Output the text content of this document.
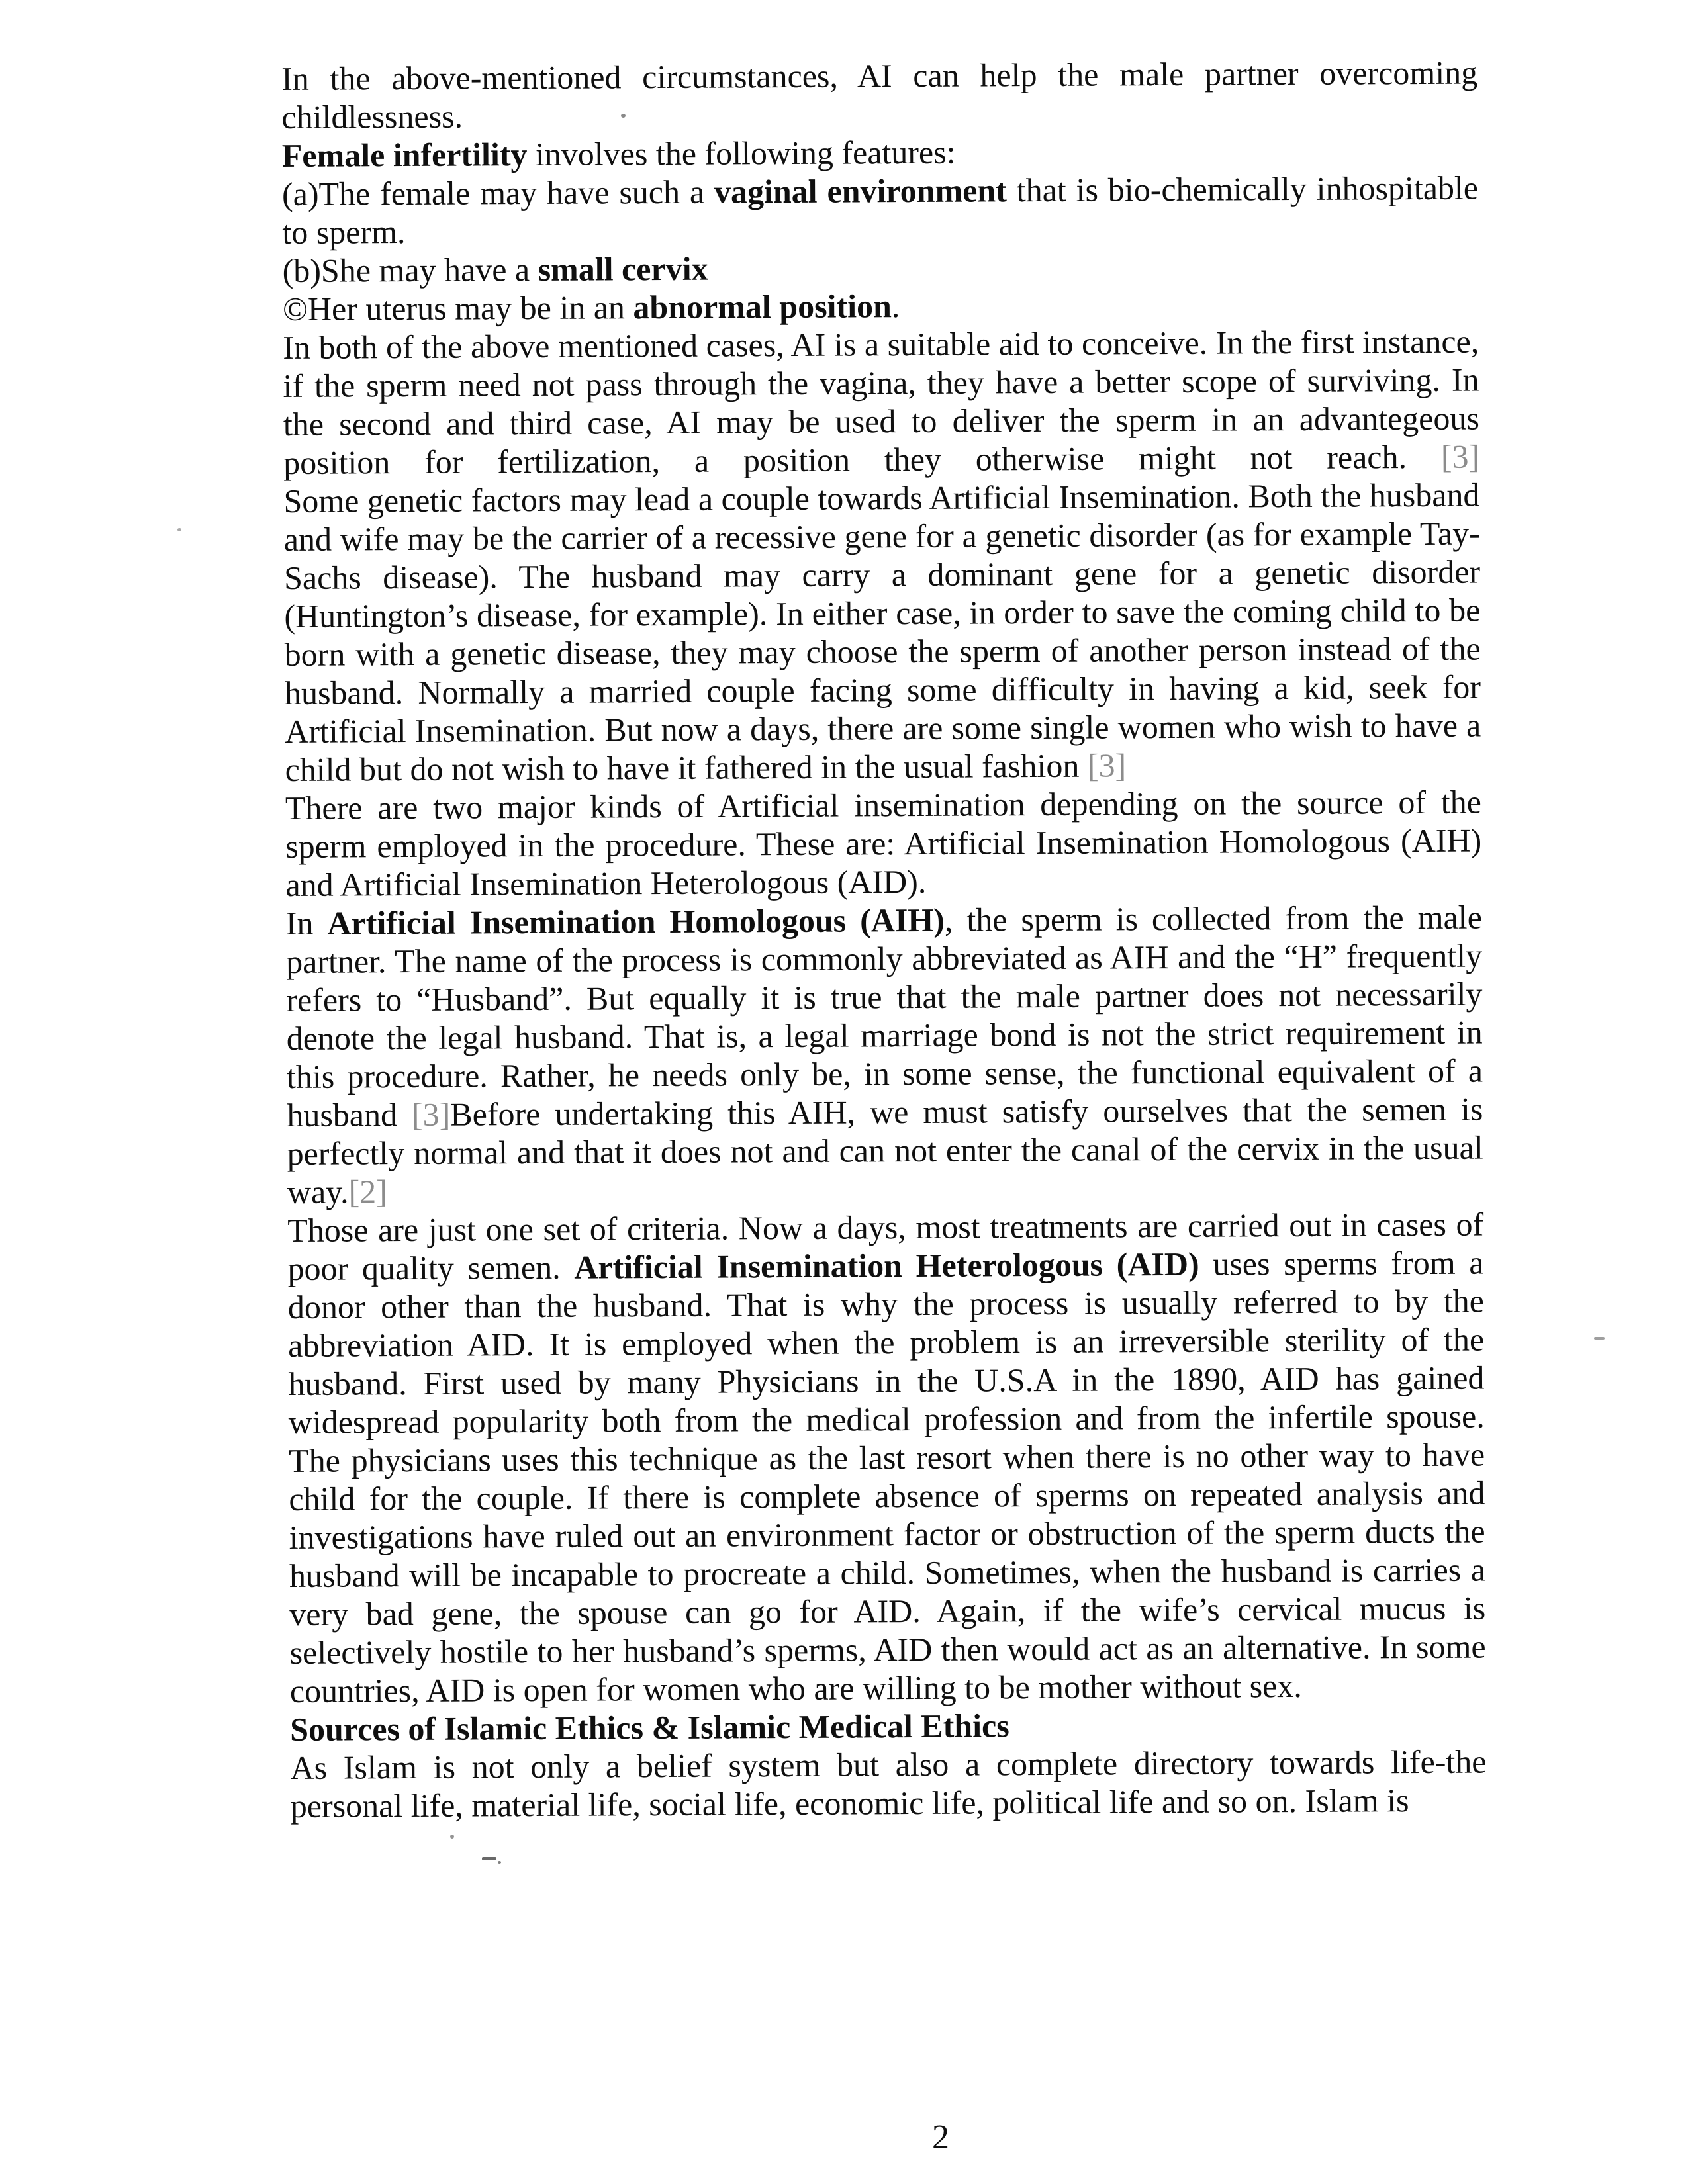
In the above-mentioned circumstances, AI can help the male partner overcoming childlessness.

Female infertility involves the following features:

(a)The female may have such a vaginal environment that is bio-chemically inhospitable to sperm.

(b)She may have a small cervix

©Her uterus may be in an abnormal position.

In both of the above mentioned cases, AI is a suitable aid to conceive. In the first instance, if the sperm need not pass through the vagina, they have a better scope of surviving. In the second and third case, AI may be used to deliver the sperm in an advantegeous position for fertilization, a position they otherwise might not reach. [3]

Some genetic factors may lead a couple towards Artificial Insemination. Both the husband and wife may be the carrier of a recessive gene for a genetic disorder (as for example Tay-Sachs disease). The husband may carry a dominant gene for a genetic disorder (Huntington’s disease, for example). In either case, in order to save the coming child to be born with a genetic disease, they may choose the sperm of another person instead of the husband. Normally a married couple facing some difficulty in having a kid, seek for Artificial Insemination. But now a days, there are some single women who wish to have a child but do not wish to have it fathered in the usual fashion [3]

There are two major kinds of Artificial insemination depending on the source of the sperm employed in the procedure. These are: Artificial Insemination Homologous (AIH) and Artificial Insemination Heterologous (AID).

In Artificial Insemination Homologous (AIH), the sperm is collected from the male partner. The name of the process is commonly abbreviated as AIH and the “H” frequently refers to “Husband”. But equally it is true that the male partner does not necessarily denote the legal husband. That is, a legal marriage bond is not the strict requirement in this procedure. Rather, he needs only be, in some sense, the functional equivalent of a husband [3]Before undertaking this AIH, we must satisfy ourselves that the semen is perfectly normal and that it does not and can not enter the canal of the cervix in the usual way.[2]

Those are just one set of criteria. Now a days, most treatments are carried out in cases of poor quality semen. Artificial Insemination Heterologous (AID) uses sperms from a donor other than the husband. That is why the process is usually referred to by the abbreviation AID. It is employed when the problem is an irreversible sterility of the husband. First used by many Physicians in the U.S.A in the 1890, AID has gained widespread popularity both from the medical profession and from the infertile spouse. The physicians uses this technique as the last resort when there is no other way to have child for the couple. If there is complete absence of sperms on repeated analysis and investigations have ruled out an environment factor or obstruction of the sperm ducts the husband will be incapable to procreate a child. Sometimes, when the husband is carries a very bad gene, the spouse can go for AID. Again, if the wife’s cervical mucus is selectively hostile to her husband’s sperms, AID then would act as an alternative. In some countries, AID is open for women who are willing to be mother without sex.

Sources of Islamic Ethics & Islamic Medical Ethics

As Islam is not only a belief system but also a complete directory towards life-the personal life, material life, social life, economic life, political life and so on. Islam is

2
